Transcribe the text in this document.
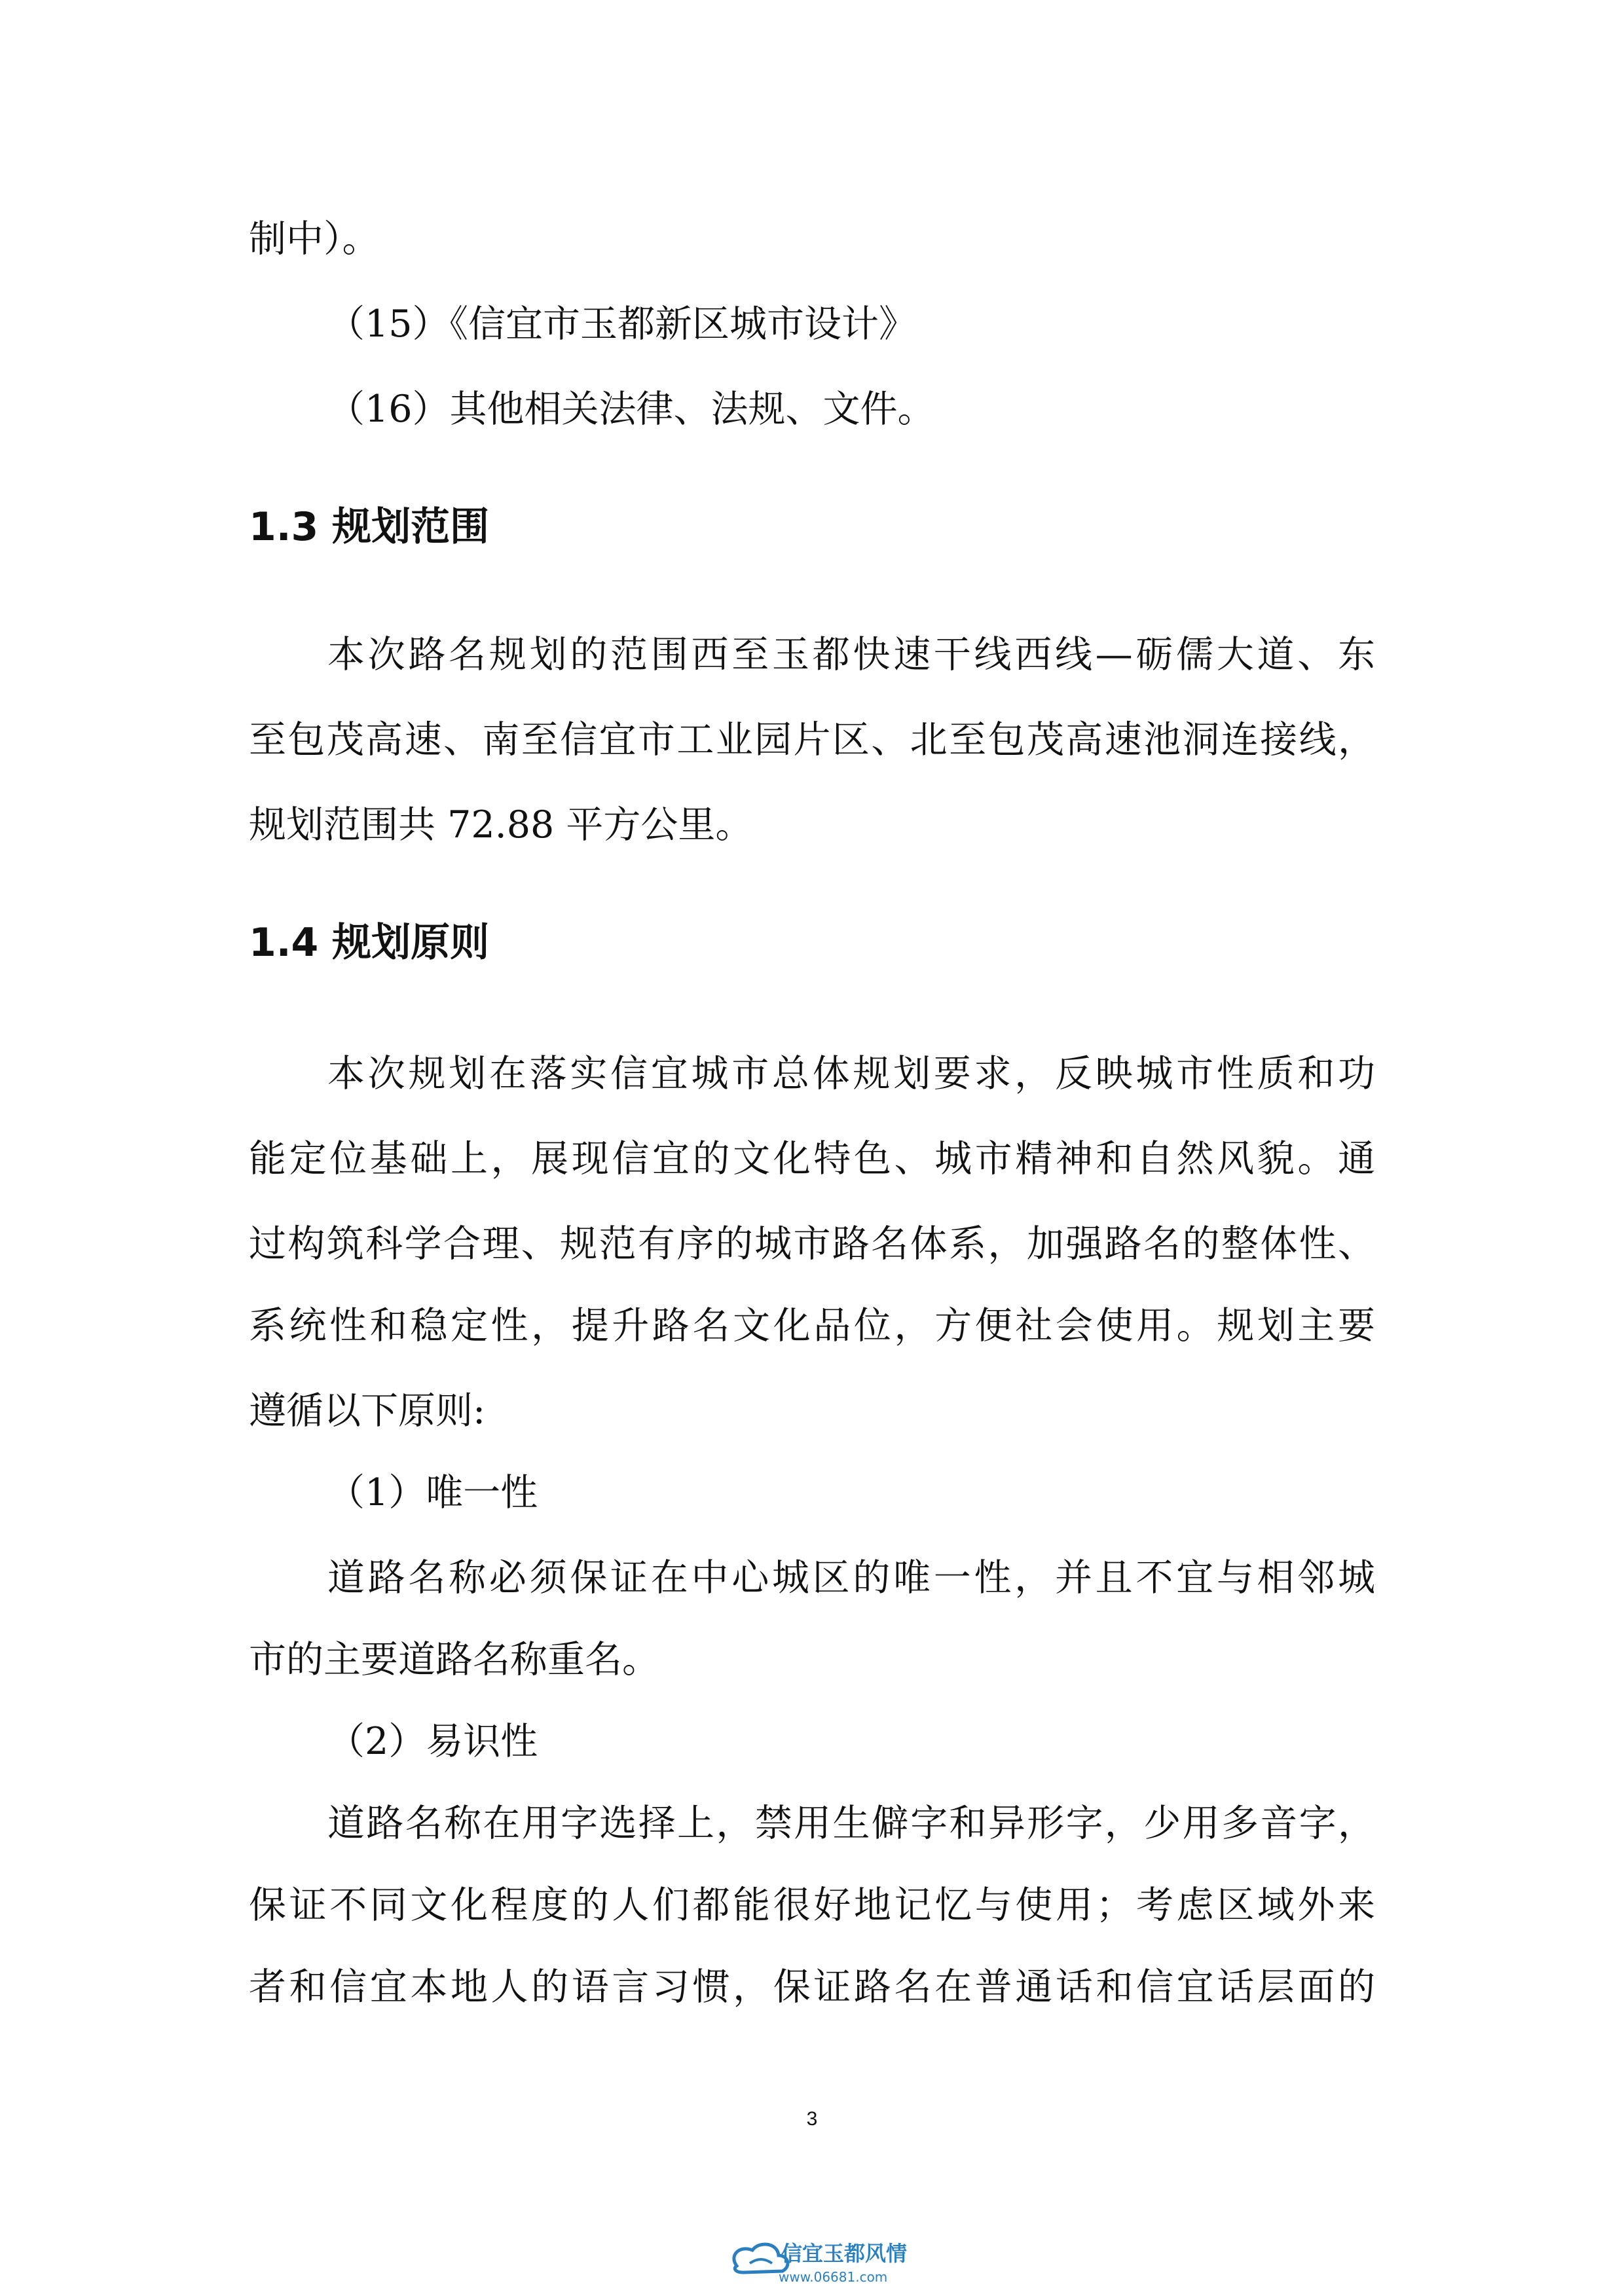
制中）。
（15）《信宜市玉都新区城市设计》
（16）其他相关法律、法规、文件。
1.3 规划范围
本次路名规划的范围西至玉都快速干线西线—砺儒大道、东
至包茂高速、南至信宜市工业园片区、北至包茂高速池洞连接线，
规划范围共 72.88 平方公里。
1.4 规划原则
本次规划在落实信宜城市总体规划要求，反映城市性质和功
能定位基础上，展现信宜的文化特色、城市精神和自然风貌。通
过构筑科学合理、规范有序的城市路名体系，加强路名的整体性、
系统性和稳定性，提升路名文化品位，方便社会使用。规划主要
遵循以下原则:
（1）唯一性
道路名称必须保证在中心城区的唯一性，并且不宜与相邻城
市的主要道路名称重名。
（2）易识性
道路名称在用字选择上，禁用生僻字和异形字，少用多音字，
保证不同文化程度的人们都能很好地记忆与使用；考虑区域外来
者和信宜本地人的语言习惯，保证路名在普通话和信宜话层面的
3
信宜玉都风情
www.06681.com
